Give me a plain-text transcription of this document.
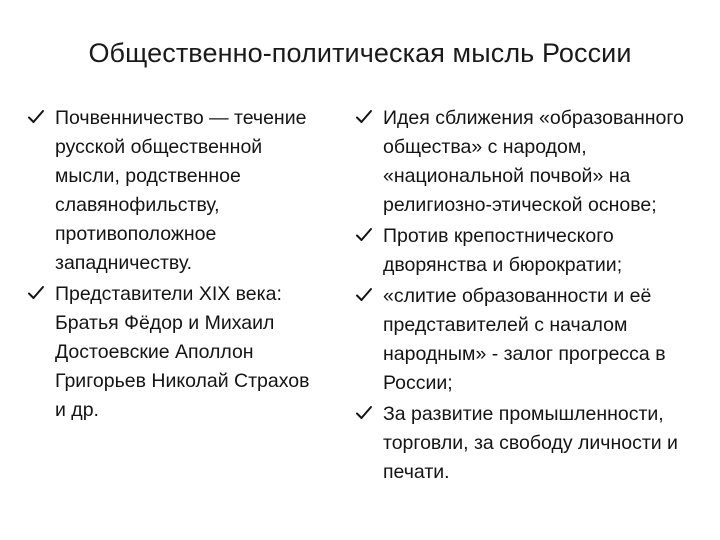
Общественно-политическая мысль России
Почвенничество — течение русской общественной мысли, родственное славянофильству, противоположное западничеству.
Представители XIX века: Братья Фёдор и Михаил Достоевские Аполлон Григорьев Николай Страхов и др.
Идея сближения «образованного общества» с народом, «национальной почвой» на религиозно-этической основе;
Против крепостнического дворянства и бюрократии;
«слитие образованности и её представителей с началом народным» - залог прогресса в России;
За развитие промышленности, торговли, за свободу личности и печати.
